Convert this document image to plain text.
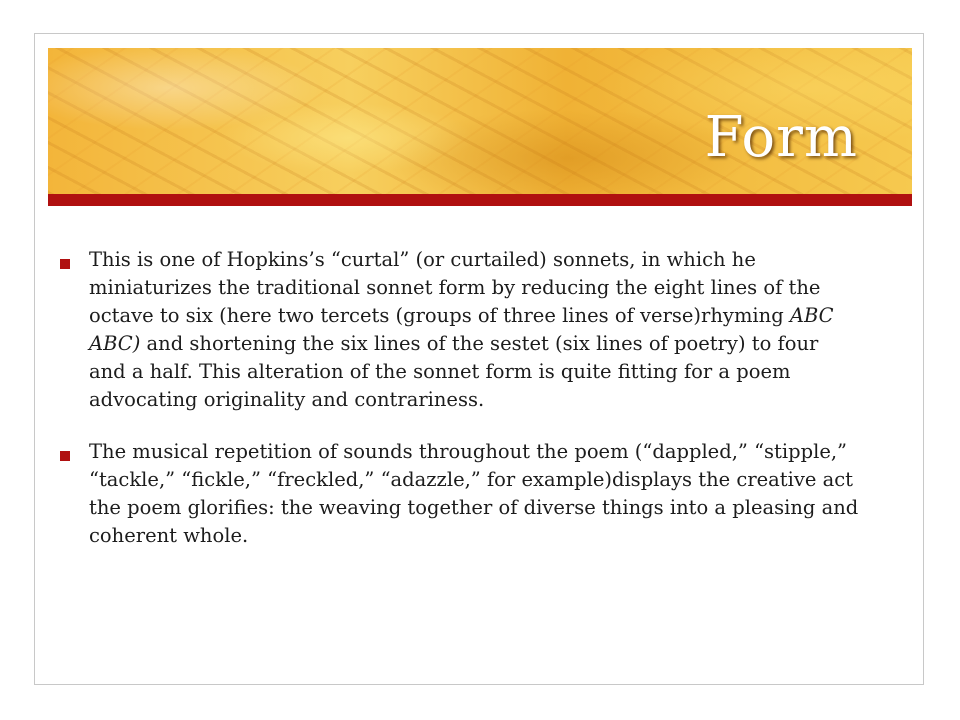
Form
This is one of Hopkins’s “curtal” (or curtailed) sonnets, in which he miniaturizes the traditional sonnet form by reducing the eight lines of the octave to six (here two tercets (groups of three lines of verse)rhyming ABC ABC) and shortening the six lines of the sestet (six lines of poetry) to four and a half. This alteration of the sonnet form is quite fitting for a poem advocating originality and contrariness.
The musical repetition of sounds throughout the poem (“dappled,” “stipple,” “tackle,” “fickle,” “freckled,” “adazzle,” for example)displays the creative act the poem glorifies: the weaving together of diverse things into a pleasing and coherent whole.
